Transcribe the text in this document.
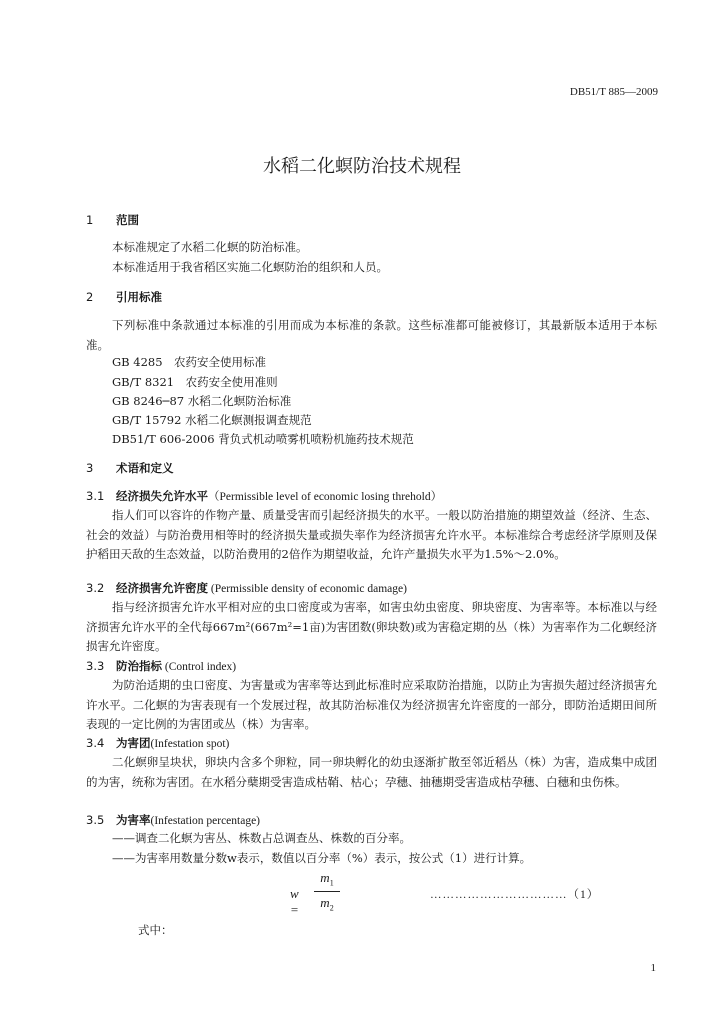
DB51/T 885—2009
水稻二化螟防治技术规程
1 范围
本标准规定了水稻二化螟的防治标准。
本标准适用于我省稻区实施二化螟防治的组织和人员。
2 引用标准
下列标准中条款通过本标准的引用而成为本标准的条款。这些标准都可能被修订，其最新版本适用于本标准。
GB 4285　农药安全使用标准
GB/T 8321　农药安全使用准则
GB 8246─87 水稻二化螟防治标准
GB/T 15792 水稻二化螟测报调查规范
DB51/T 606-2006 背负式机动喷雾机喷粉机施药技术规范
3 术语和定义
3.1 经济损失允许水平（Permissible level of economic losing threhold）
指人们可以容许的作物产量、质量受害而引起经济损失的水平。一般以防治措施的期望效益（经济、生态、社会的效益）与防治费用相等时的经济损失量或损失率作为经济损害允许水平。本标准综合考虑经济学原则及保护稻田天敌的生态效益，以防治费用的2倍作为期望收益，允许产量损失水平为1.5%～2.0%。
3.2 经济损害允许密度 (Permissible density of economic damage)
指与经济损害允许水平相对应的虫口密度或为害率，如害虫幼虫密度、卵块密度、为害率等。本标准以与经济损害允许水平的全代每667m²(667m²=1亩)为害团数(卵块数)或为害稳定期的丛（株）为害率作为二化螟经济损害允许密度。
3.3 防治指标 (Control index)
为防治适期的虫口密度、为害量或为害率等达到此标准时应采取防治措施，以防止为害损失超过经济损害允许水平。二化螟的为害表现有一个发展过程，故其防治标准仅为经济损害允许密度的一部分，即防治适期田间所表现的一定比例的为害团或丛（株）为害率。
3.4 为害团(Infestation spot)
二化螟卵呈块状，卵块内含多个卵粒，同一卵块孵化的幼虫逐渐扩散至邻近稻丛（株）为害，造成集中成团的为害，统称为害团。在水稻分蘖期受害造成枯鞘、枯心；孕穗、抽穗期受害造成枯孕穗、白穗和虫伤株。
3.5 为害率(Infestation percentage)
——调查二化螟为害丛、株数占总调查丛、株数的百分率。
——为害率用数量分数w表示，数值以百分率（%）表示，按公式（1）进行计算。
w =
$m_1$
$m_2$
……………………………（1）
式中：
1
